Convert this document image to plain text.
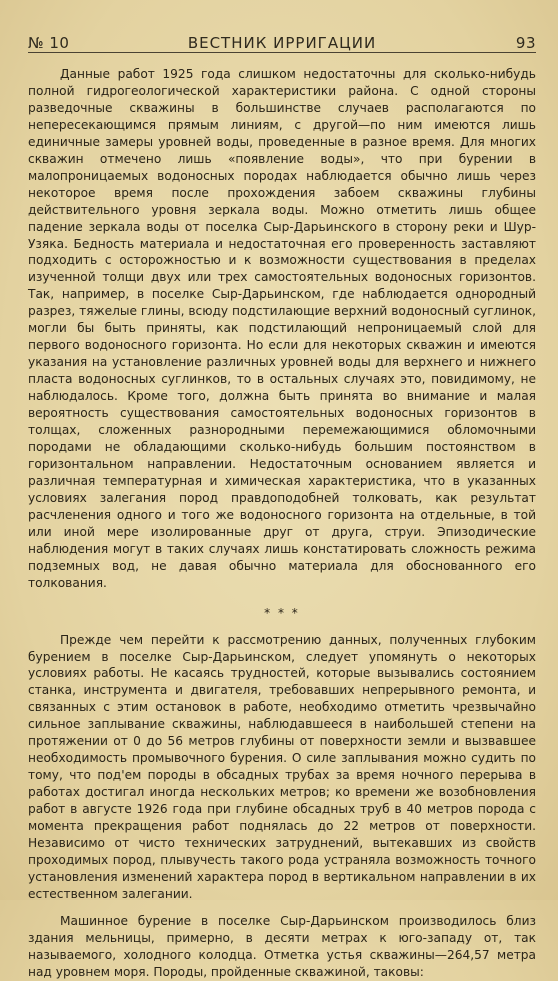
№ 10	ВЕСТНИК ИРРИГАЦИИ	93

Данные работ 1925 года слишком недостаточны для сколько-нибудь полной гидрогеологической характеристики района. С одной стороны разведочные скважины в большинстве случаев располагаются по непересекающимся прямым линиям, с другой—по ним имеются лишь единичные замеры уровней воды, проведенные в разное время. Для многих скважин отмечено лишь «появление воды», что при бурении в малопроницаемых водоносных породах наблюдается обычно лишь через некоторое время после прохождения забоем скважины глубины действительного уровня зеркала воды. Можно отметить лишь общее падение зеркала воды от поселка Сыр-Дарьинского в сторону реки и Шур-Узяка. Бедность материала и недостаточная его проверенность заставляют подходить с осторожностью и к возможности существования в пределах изученной толщи двух или трех самостоятельных водоносных горизонтов. Так, например, в поселке Сыр-Дарьинском, где наблюдается однородный разрез, тяжелые глины, всюду подстилающие верхний водоносный суглинок, могли бы быть приняты, как подстилающий непроницаемый слой для первого водоносного горизонта. Но если для некоторых скважин и имеются указания на установление различных уровней воды для верхнего и нижнего пласта водоносных суглинков, то в остальных случаях это, повидимому, не наблюдалось. Кроме того, должна быть принята во внимание и малая вероятность существования самостоятельных водоносных горизонтов в толщах, сложенных разнородными перемежающимися обломочными породами не обладающими сколько-нибудь большим постоянством в горизонтальном направлении. Недостаточным основанием является и различная температурная и химическая характеристика, что в указанных условиях залегания пород правдоподобней толковать, как результат расчленения одного и того же водоносного горизонта на отдельные, в той или иной мере изолированные друг от друга, струи. Эпизодические наблюдения могут в таких случаях лишь констатировать сложность режима подземных вод, не давая обычно материала для обоснованного его толкования.

* * *

Прежде чем перейти к рассмотрению данных, полученных глубоким бурением в поселке Сыр-Дарьинском, следует упомянуть о некоторых условиях работы. Не касаясь трудностей, которые вызывались состоянием станка, инструмента и двигателя, требовавших непрерывного ремонта, и связанных с этим остановок в работе, необходимо отметить чрезвычайно сильное заплывание скважины, наблюдавшееся в наибольшей степени на протяжении от 0 до 56 метров глубины от поверхности земли и вызвавшее необходимость промывочного бурения. О силе заплывания можно судить по тому, что под'ем породы в обсадных трубах за время ночного перерыва в работах достигал иногда нескольких метров; ко времени же возобновления работ в августе 1926 года при глубине обсадных труб в 40 метров порода с момента прекращения работ поднялась до 22 метров от поверхности. Независимо от чисто технических затруднений, вытекавших из свойств проходимых пород, плывучесть такого рода устраняла возможность точного установления изменений характера пород в вертикальном направлении в их естественном залегании.

Машинное бурение в поселке Сыр-Дарьинском производилось близ здания мельницы, примерно, в десяти метрах к юго-западу от, так называемого, холодного колодца. Отметка устья скважины—264,57 метра над уровнем моря. Породы, пройденные скважиной, таковы:
